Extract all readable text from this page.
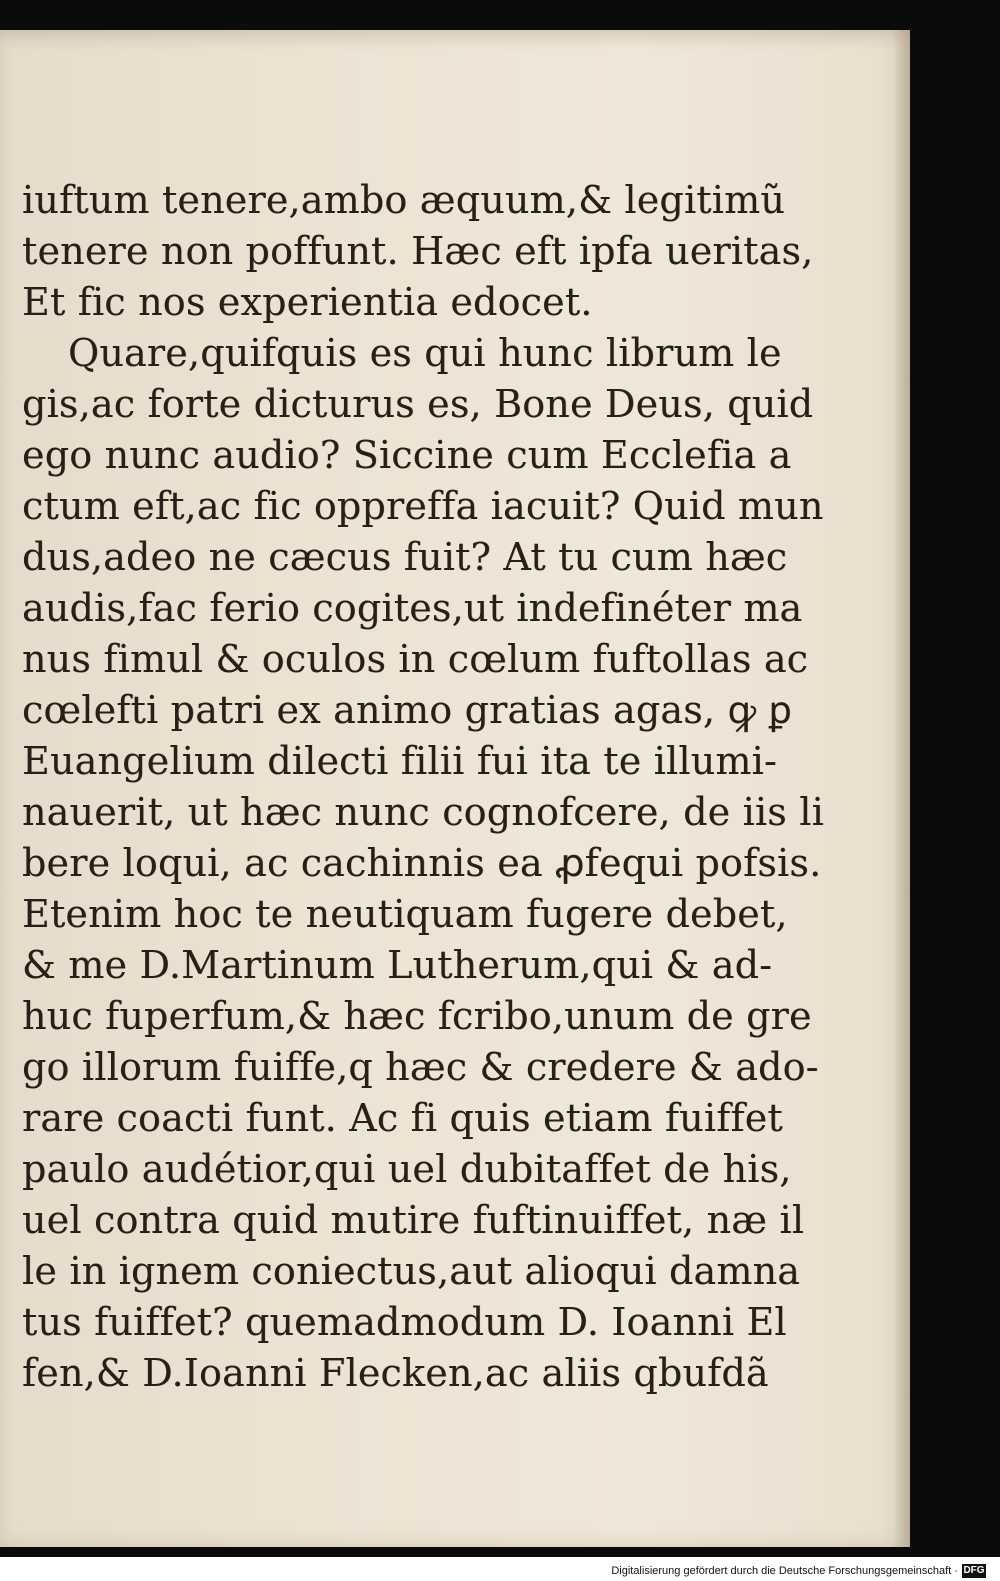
iuftum tenere,ambo æquum,& legitimũ
tenere non poffunt. Hæc eft ipfa ueritas,
Et fic nos experientia edocet.
Quare,quifquis es qui hunc librum le
gis,ac forte dicturus es, Bone Deus, quid
ego nunc audio? Siccine cum Ecclefia a
ctum eft,ac fic oppreffa iacuit? Quid mun
dus,adeo ne cæcus fuit? At tu cum hæc
audis,fac ferio cogites,ut indefinéter ma
nus fimul & oculos in cœlum fuftollas ac
cœlefti patri ex animo gratias agas, ꝙ ꝑ
Euangelium dilecti filii fui ita te illumi-
nauerit, ut hæc nunc cognofcere, de iis li
bere loqui, ac cachinnis ea ꝓfequi pofsis.
Etenim hoc te neutiquam fugere debet,
& me D.Martinum Lutherum,qui & ad-
huc fuperfum,& hæc fcribo,unum de gre
go illorum fuiffe,q hæc & credere & ado-
rare coacti funt. Ac fi quis etiam fuiffet
paulo audétior,qui uel dubitaffet de his,
uel contra quid mutire fuftinuiffet, næ il
le in ignem coniectus,aut alioqui damna
tus fuiffet? quemadmodum D. Ioanni El
fen,& D.Ioanni Flecken,ac aliis qbufdã
Digitalisierung gefördert durch die Deutsche Forschungsgemeinschaft · DFG
